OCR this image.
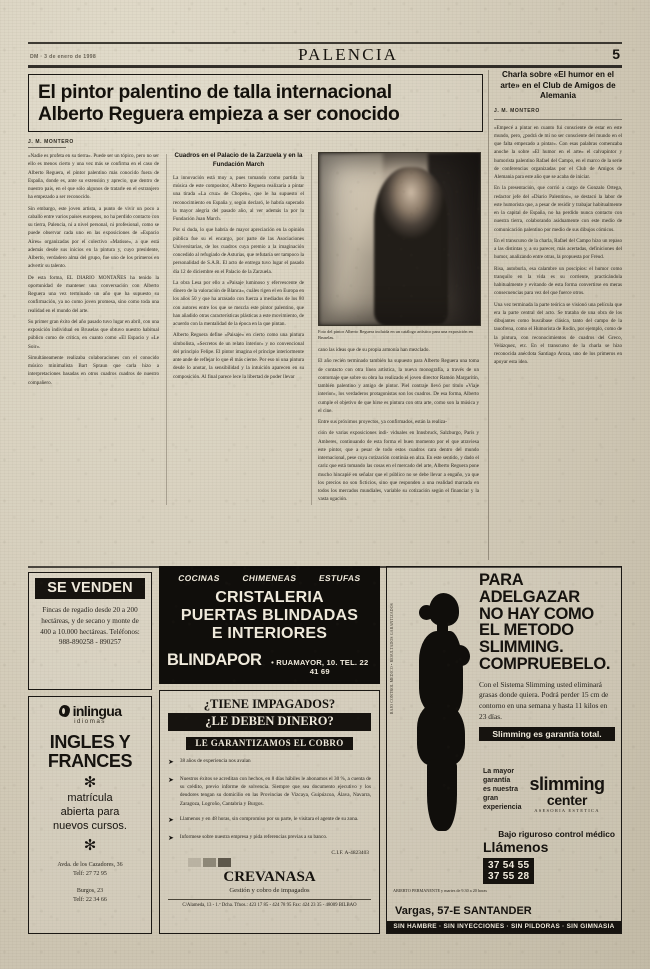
DM · 3 de enero de 1998	PALENCIA	5
El pintor palentino de talla internacional
Alberto Reguera empieza a ser conocido
J. M. MONTERO

«Nadie es profeta en su tierra». Puede ser un tópico, pero no ser ello es menos cierto y una vez más se confirma en el caso de Alberto Reguera, el pintor palentino más conocido fuera de España, donde es, ante su extensión y aprecio, que dentro de nuestro país, en el que sólo algunos de tratarle en el extranjero ha empezado a ser reconocido.

Sin embargo, este joven artista, a punto de vivir un poco a caballo entre varios países europeos, no ha perdido contacto con su tierra, Palencia, ni a nivel personal, ni profesional, como se puede observar cada uno en las exposiciones de «Espacio Aires» organizadas por el colectivo «Matisse», a que está además desde sus inicios en la pintura y, cuyo presidente, Alberto, verdadero alma del grupo, fue uno de los primeros en advertir su talento.

De esta forma, EL DIARIO MONTAÑES ha tenido la oportunidad de mantener una conversación con Alberto Reguera una vez terminado un año que ha supuesto su confirmación, ya no como joven promesa, sino como toda una realidad en el mundo del arte.

Su primer gran éxito del año pasado tuvo lugar en abril, con una exposición individual en Bruselas que obtuvo nuestro habitual público como de crítica, en cuanto como «El Espacio y «Le Soir».

Simultáneamente realizaba colaboraciones con el conocido músico minimalista Bart Spraun que carla hizo a interpretaciones basadas en otros cuadros cuadros de nuestro compañero.

Cuadros en el Palacio de la Zarzuela y en la Fundación March

La innovación está muy a, pues tomando como partida la música de este compositor, Alberto Reguera realizaría a pintar una tirada «La cruz» de Chopen», que le ha supuesto el reconocimiento en España y, según declaró, le habría superado la mayor alegría del pasado año, al ver además la por la Fundación Juan March.

Por si duda, lo que habría de mayor apreciación en la opinión pública fue su el encargo, por parte de las Asociaciones Universitarias, de los cuadros cuya premio a la imaginación concedido al refugiado de Asturias, que refutaría ser tampoco la personalidad de S.A.R. El acto de entrega tuvo lugar el pasado día 12 de diciembre en el Palacio de la Zarzuela.

La obra Lesa por ello a «Paisaje luminoso y efervescente de dinero de la valoración de Blanca», cuáles rigen el en Europa en los años 50 y que ha arrasado con fuerza a mediados de los 80 con autores entre los que se mezcla este pintor palentino, que han añadido otras características plásticas a este movimiento, de acuerdo con la mentalidad de la época en la que pintan.

Alberto Reguera define «Paisaje» en cierto como una pintura simbolista, «Secretos de un relato interior» y no convencional del principio Felipe. El pintor imagina el príncipe interiormente ante ande de reflejar lo que él más cierne. Por eso ni una pintura desde lo anotar, la sensibilidad y la intuición aparecen en su composición. Al final parece lece la libertad de poder llevar

Foto del pintor Alberto Reguera incluida en un catálogo artístico para una exposición en Bruselas.

cano las ideas que de su propia armonía han mezclado.

El año recién terminado también ha supuesto para Alberto Reguera una toma de contacto con otra línea artística, la nueva monografía, a través de un contornaje que sobre su obra ha realizado el joven director Ramón Margaritín, también palentino y amigo de pintor. Piel contraje llevó por título «Viaje interior», los verdaderos protagonistas son los cuadros. De esa forma, Alberto cumple el objetivo de que hirse es pintura con otra arte, como son la música y el cine.

Entre sus próximos proyectos, ya confirmados, están la realiza-

ción de varias exposiciones indi- viduales en Innsbruck, Salzburgo, París y Amberes, continuando de esta forma el buen momento por el que atraviesa este pintor, que a pesar de todo estos cuadros cara dentro del mundo internacional, pese cuya cotización continúa en alza. En este sentido, y dado el cariz que está tomando las cosas en el mercado del arte, Alberto Reguera pone mucho hincapié en señalar que el público no se debe llevar a engaño, ya que los precios no son ficticios, sino que responden a una realidad marcada en todos los mercados mundiales, variable su cotización según el financiar y la vasta ogación.

Charla sobre «El humor en el arte» en el Club de Amigos de Alemania
J. M. MONTERO

«Empecé a pintar en cuanto fui consciente de estar en este mundo, pero, ¿podrá de mí no ser consciente del mundo en el que falta empezado a pintar». Con esas palabras comenzaba anoche la sobre «El humor en el arte» el calvapintor y humorista palentino Rafael del Campo, en el marco de la serie de conferencias organizadas por el Club de Amigos de Alemania para este año que se acaba de iniciar.

En la presentación, que corrió a cargo de Gonzalo Ortega, redactor jefe del «Diario Palentino», se destacó la labor de este humorista que, a pesar de residir y trabajar habitualmente en la capital de España, no ha perdido nunca contacto con nuestra tierra, colaborando asiduamente con este medio de comunicación palentino por medio de sus dibujos cómicos.

En el transcurso de la charla, Rafael del Campo hizo un repaso a las distintas y, a su parecer, más acertadas, definiciones del humor, analizando entre otras, la propuesta por Freud.

Risa, autoburla, esa calambre un poscipios: el humor como tranquilo en la vida es su corriente, practicándola habitualmente y evitando de esta forma convertirse en meras consecuencias para vez del que fuerce otros.

Una vez terminada la parte teórica se visionó una película que era la parte central del acto. Se trataba de una obra de los dibujantes como buscábase clásica, tanto del campo de la tauofrena, como el Humorista de Rodin, por ejemplo, como de la pintura, con reconocimientos de cuadros del Greco, Velázquez, etc. En el transcurso de la charla se hizo reconocida anécdota Santiago Aroza, uno de los primeros en apoyar esta idea.

SE VENDEN
Fincas de regadío desde 20 a 200 hectáreas, y de secano y monte de 400 a 10.000 hectáreas. Teléfonos: 988-890258 - 890257
inlingua
idiomas
INGLES Y
FRANCES
✻
matrícula
abierta para
nuevos cursos.
✻
Avda. de los Cazadores, 36
Telf: 27 72 95
Burgos, 23
Telf: 22 34 66
COCINAS	CHIMENEAS	ESTUFAS
CRISTALERIA
PUERTAS BLINDADAS
E INTERIORES
BLINDAPOR	• RUAMAYOR, 10. TEL. 22 41 69
¿TIENE IMPAGADOS?
¿LE DEBEN DINERO?
LE GARANTIZAMOS EL COBRO
➤ 38 años de experiencia nos avalan
➤ Nuestros éxitos se acreditan con hechos, en 8 días hábiles le abonamos el 30 %, a cuenta de su crédito, previo informe de solvencia. Siempre que sea documento ejecutivo y los deudores tengan su domicilio en las Provincias de Vizcaya, Guipúzcoa, Álava, Navarra, Zaragoza, Logroño, Cantabria y Burgos.
➤ Llamenos y en 48 horas, sin compromiso por su parte, le visitara el agente de su zona.
➤ Informese sobre nuestra empresa y pida referencias previas a su banco.
C.I.F. A-4823403
CREVANASA
Gestión y cobro de impagados
C/Alameda, 13 - 1.º Dcha. Tfnos.: 423 17 85 - 424 78 95 Fax: 424 23 35 - 48009 BILBAO
BAJO CONTROL MEDICO • RESULTADOS GARANTIZADOS
PARA ADELGAZAR
NO HAY COMO
EL METODO
SLIMMING.
COMPRUEBELO.
Con el Sistema Slimming usted eliminará grasas donde quiera. Podrá perder 15 cm de contorno en una semana y hasta 11 kilos en 23 días.
Slimming es garantía total.
La mayor
garantía
es nuestra
gran
experiencia
Llámenos
37 54 55
37 55 28
slimming
center
ASESORIA ESTETICA
Bajo riguroso control médico
ABIERTO PERMANENTE y martes de 9.30 a 20 horas
Vargas, 57-E SANTANDER
SIN HAMBRE · SIN INYECCIONES · SIN PILDORAS · SIN GIMNASIA
